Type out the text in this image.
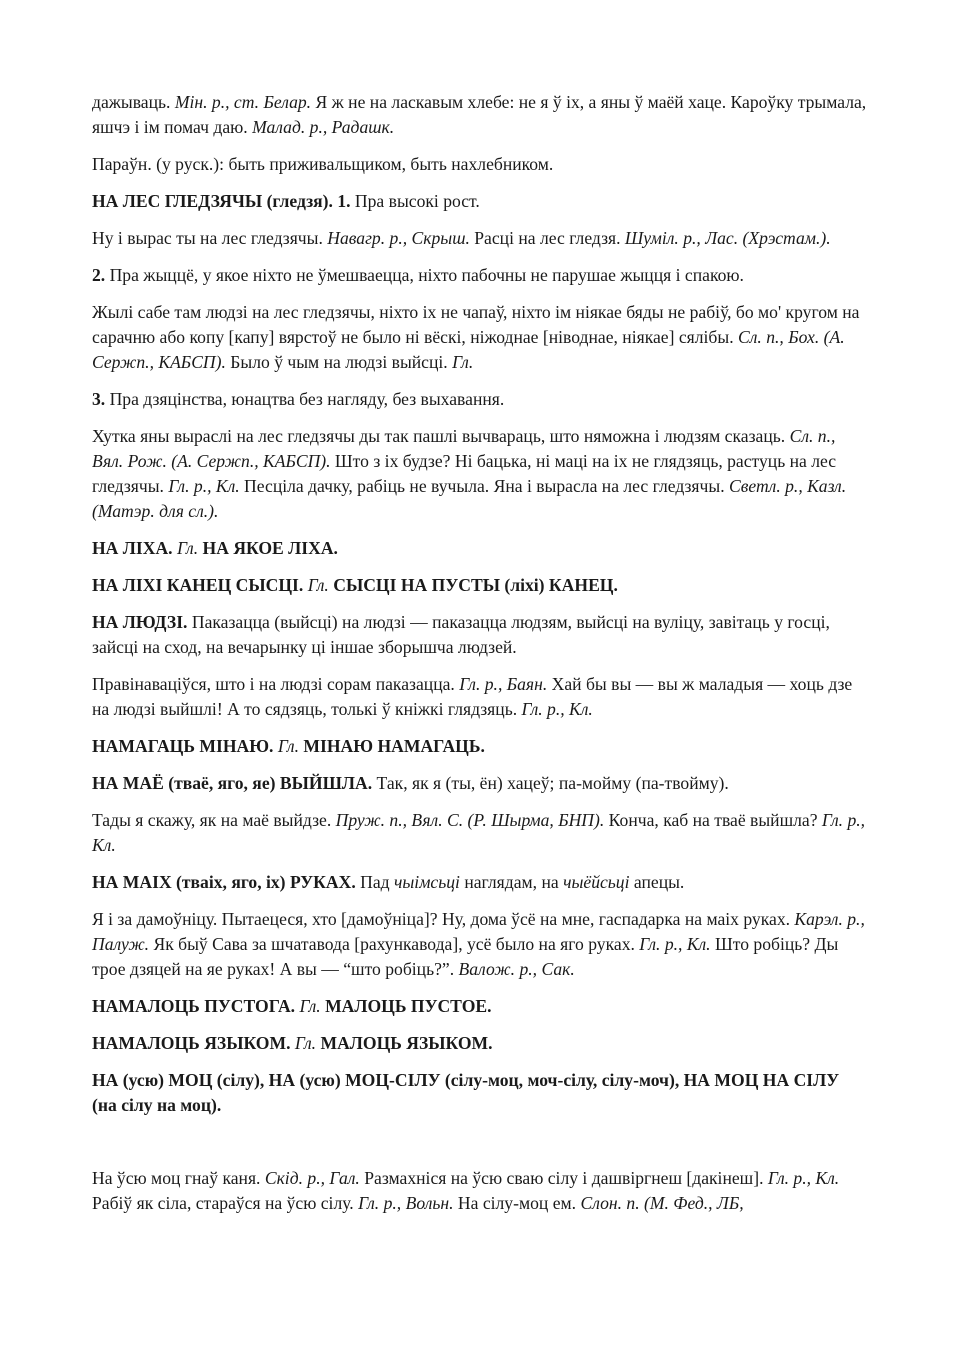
дажываць. Мін. р., ст. Белар. Я ж не на ласкавым хлебе: не я ў іх, а яны ў маёй хаце. Кароўку трымала, яшчэ і ім помач даю. Малад. р., Радашк.

Параўн. (у руск.): быть приживальщиком, быть нахлебником.

НА ЛЕС ГЛЕДЗЯЧЫ (гледзя). 1. Пра высокі рост.

Ну і вырас ты на лес гледзячы. Навагр. р., Скрыш. Расці на лес гледзя. Шуміл. р., Лас. (Хрэстам.).

2. Пра жыццё, у якое ніхто не ўмешваецца, ніхто пабочны не парушае жыцця і спакою.

Жылі сабе там людзі на лес гледзячы, ніхто іх не чапаў, ніхто ім ніякае бяды не рабіў, бо мо' кругом на сарачню або копу [капу] вярстоў не было ні вёскі, ніжоднае [ніводнае, ніякае] сялібы. Сл. п., Бох. (А. Сержп., КАБСП). Было ў чым на людзі выйсці. Гл.

3. Пра дзяцінства, юнацтва без нагляду, без выхавання.

Хутка яны выраслі на лес гледзячы ды так пашлі вычвараць, што няможна і людзям сказаць. Сл. п., Вял. Рож. (А. Сержп., КАБСП). Што з іх будзе? Ні бацька, ні маці на іх не глядзяць, растуць на лес гледзячы. Гл. р., Кл. Песціла дачку, рабіць не вучыла. Яна і вырасла на лес гледзячы. Светл. р., Казл. (Матэр. для сл.).

НА ЛІХА. Гл. НА ЯКОЕ ЛІХА.

НА ЛІХІ КАНЕЦ СЫСЦІ. Гл. СЫСЦІ НА ПУСТЫ (ліхі) КАНЕЦ.

НА ЛЮДЗІ. Паказацца (выйсці) на людзі — паказацца людзям, выйсці на вуліцу, завітаць у госці, зайсці на сход, на вечарынку ці іншае зборышча людзей.

Правінаваціўся, што і на людзі сорам паказацца. Гл. р., Баян. Хай бы вы — вы ж маладыя — хоць дзе на людзі выйшлі! А то сядзяць, толькі ў кніжкі глядзяць. Гл. р., Кл.

НАМАГАЦЬ МІНАЮ. Гл. МІНАЮ НАМАГАЦЬ.

НА МАЁ (тваё, яго, яе) ВЫЙШЛА. Так, як я (ты, ён) хацеў; па-мойму (па-твойму).

Тады я скажу, як на маё выйдзе. Пруж. п., Вял. С. (Р. Шырма, БНП). Конча, каб на тваё выйшла? Гл. р., Кл.

НА МАІХ (тваіх, яго, іх) РУКАХ. Пад чыімсьці наглядам, на чыёйсьці апецы.

Я і за дамоўніцу. Пытаецеся, хто [дамоўніца]? Ну, дома ўсё на мне, гаспадарка на маіх руках. Карэл. р., Палуж. Як быў Сава за шчатавода [рахункавода], усё было на яго руках. Гл. р., Кл. Што робіць? Ды трое дзяцей на яе руках! А вы — “што робіць?”. Валож. р., Сак.

НАМАЛОЦЬ ПУСТОГА. Гл. МАЛОЦЬ ПУСТОЕ.

НАМАЛОЦЬ ЯЗЫКОМ. Гл. МАЛОЦЬ ЯЗЫКОМ.

НА (усю) МОЦ (сілу), НА (усю) МОЦ-СІЛУ (сілу-моц, моч-сілу, сілу-моч), НА МОЦ НА СІЛУ (на сілу на моц).

На ўсю моц гнаў каня. Скід. р., Гал. Размахніся на ўсю сваю сілу і дашвіргнеш [дакінеш]. Гл. р., Кл. Рабіў як сіла, стараўся на ўсю сілу. Гл. р., Вольн. На сілу-моц ем. Слон. п. (М. Фед., ЛБ,
